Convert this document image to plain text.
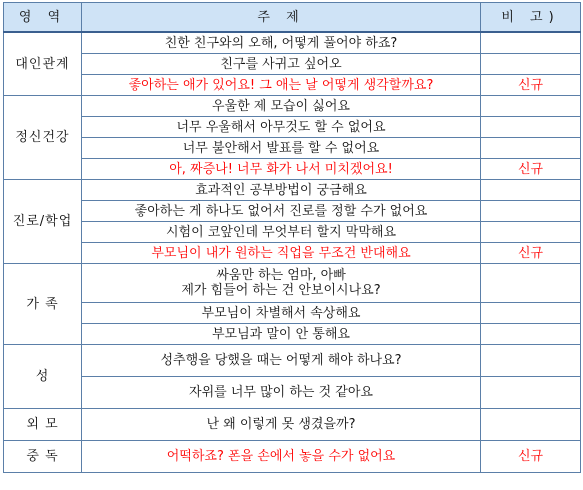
영 역	주 제	비 고)
대인관계	친한 친구와의 오해, 어떻게 풀어야 하죠?	
	친구를 사귀고 싶어오	
	좋아하는 애가 있어요! 그 애는 날 어떻게 생각할까요?	신규
정신건강	우울한 제 모습이 싫어요	
	너무 우울해서 아무것도 할 수 없어요	
	너무 불안해서 발표를 할 수 없어요	
	아, 짜증나! 너무 화가 나서 미치겠어요!	신규
진로/학업	효과적인 공부방법이 궁금해요	
	좋아하는 게 하나도 없어서 진로를 정할 수가 없어요	
	시험이 코앞인데 무엇부터 할지 막막해요	
	부모님이 내가 원하는 직업을 무조건 반대해요	신규
가 족	싸움만 하는 엄마, 아빠
제가 힘들어 하는 건 안보이시나요?	
	부모님이 차별해서 속상해요	
	부모님과 말이 안 통해요	
성	성추행을 당했을 때는 어떻게 해야 하나요?	
	자위를 너무 많이 하는 것 같아요	
외 모	난 왜 이렇게 못 생겼을까?	
중 독	어떡하죠? 폰을 손에서 놓을 수가 없어요	신규
